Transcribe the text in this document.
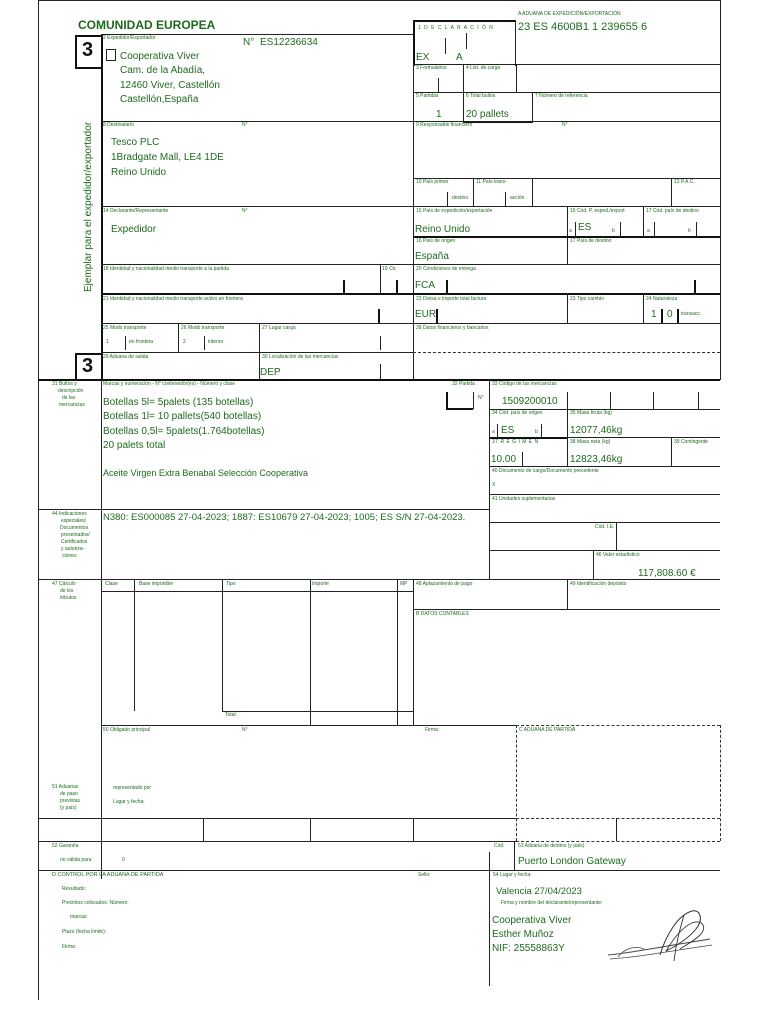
COMUNIDAD EUROPEA
A ADUANA DE EXPEDICIÓN/EXPORTACIÓN
23 ES 4600B1 1 239655 6
3
3
Ejemplar para el expedidor/exportador
1 D E C L A R A C I Ó N
EX	A
2 Expedidor/Exportador	N° ES12236634
Cooperativa Viver
Cam. de la Abadía,
12460 Viver, Castellón
Castellón,España
3 Formularios	4 List. de carga
5 Partidas	6 Total bultos	7 Número de referencia
1 20 pallets
8 Destinatario	N°
Tesco PLC
1Bradgate Mall, LE4 1DE
Reino Unido
9 Responsable financiero	N°
10 País primer
destino
11 País trans-
acción
13 P.A.C.
14 Declarante/Representante	N°
Expedidor
15 País de expedición/exportación
Reino Unido
15 Cód. P. exped./export
a ES	b
17 Cód. país de destino
a	b
16 País de origen
España
17 País de destino
18 Identidad y nacionalidad medio transporte a la partida	19 Ctr.	20 Condiciones de entrega
FCA
21 Identidad y nacionalidad medio transporte activo en frontera	22 Divisa e importe total factura
EUR
23 Tipo cambio	24 Naturaleza
1 0 transacc.
25 Modo transporte
1	en frontera
26 Modo transporte
2	interior
27 Lugar carga	28 Datos financieros y bancarios
29 Aduana de salida	30 Localización de las mercancías
DEP
31 Bultos y
descripción
de las
mercancías
Marcas y numeración - N° contenedor(es) - Número y clase
Botellas 5l= 5palets (135 botellas)
Botellas 1l= 10 pallets(540 botellas)
Botellas 0,5l= 5palets(1.764botellas)
20 palets total
Aceite Virgen Extra Benabal Selección Cooperativa
32 Partida
N°
33 Código de las mercancías
1509200010
34 Cód. país de origen
a ES	b
35 Masa bruta (kg)
12077,46kg
37 R É G I M E N
10.00
38 Masa neta (kg)
12823,46kg
39 Contingente
40 Documento de cargo/Documento precedente
X
41 Unidades suplementarias
44 Indicaciones
especiales/
Documentos
presentados/
Certificados
y autoriza-
ciones
N380: ES000085 27-04-2023; 1887: ES10679 27-04-2023; 1005; ES S/N 27-04-2023.
Cód. I.E.
46 Valor estadístico
117,808.60 €
47 Cálculo
de los
tributos
Clase	Base imponible	Tipo	Importe	MP
Total:
48 Aplazamiento de pago	49 Identificación depósito
B DATOS CONTABLES
50 Obligado principal	N°	Firma:	C ADUANA DE PARTIDA
51 Aduanas
de paso
previstas
(y país)
representado por
Lugar y fecha:
52 Garantía
no válida para	0
Cód.	53 Aduana de destino (y país)
Puerto London Gateway
D CONTROL POR LA ADUANA DE PARTIDA	Sello:
Resultado:
Precintos colocados: Número:
marcas:
Plazo (fecha límite):
Firma:
54 Lugar y fecha:
Valencia 27/04/2023
Firma y nombre del declarante/representante:
Cooperativa Viver
Esther Muñoz
NIF: 25558863Y
